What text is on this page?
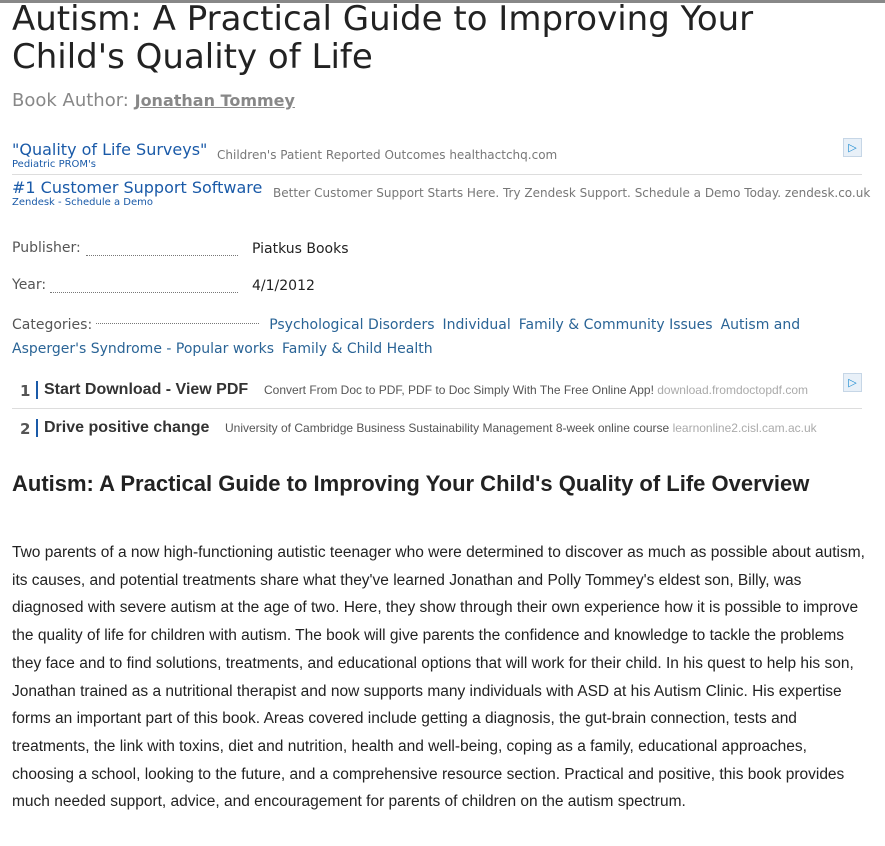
Autism: A Practical Guide to Improving Your Child's Quality of Life
Book Author: Jonathan Tommey
"Quality of Life Surveys"
Pediatric PROM's
Children's Patient Reported Outcomes healthactchq.com
▷
#1 Customer Support Software
Zendesk - Schedule a Demo
Better Customer Support Starts Here. Try Zendesk Support. Schedule a Demo Today. zendesk.co.uk
Publisher:	Piatkus Books
Year:	4/1/2012
Categories:	Psychological Disorders Individual Family & Community Issues Autism and Asperger's Syndrome - Popular works Family & Child Health
1 Start Download - View PDF Convert From Doc to PDF, PDF to Doc Simply With The Free Online App! download.fromdoctopdf.com
▷
2 Drive positive change University of Cambridge Business Sustainability Management 8-week online course learnonline2.cisl.cam.ac.uk
Autism: A Practical Guide to Improving Your Child's Quality of Life Overview

Two parents of a now high-functioning autistic teenager who were determined to discover as much as possible about autism, its causes, and potential treatments share what they've learned Jonathan and Polly Tommey's eldest son, Billy, was diagnosed with severe autism at the age of two. Here, they show through their own experience how it is possible to improve the quality of life for children with autism. The book will give parents the confidence and knowledge to tackle the problems they face and to find solutions, treatments, and educational options that will work for their child. In his quest to help his son, Jonathan trained as a nutritional therapist and now supports many individuals with ASD at his Autism Clinic. His expertise forms an important part of this book. Areas covered include getting a diagnosis, the gut-brain connection, tests and treatments, the link with toxins, diet and nutrition, health and well-being, coping as a family, educational approaches, choosing a school, looking to the future, and a comprehensive resource section. Practical and positive, this book provides much needed support, advice, and encouragement for parents of children on the autism spectrum.
